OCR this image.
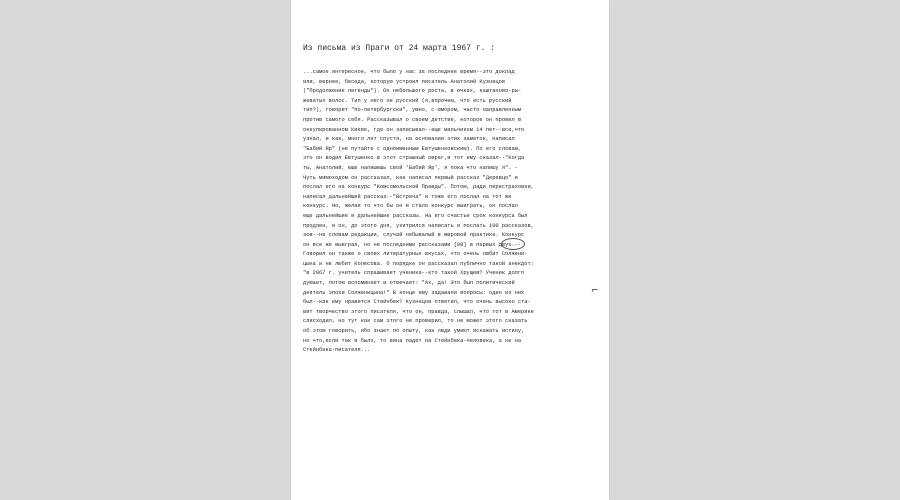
Из письма из Праги от 24 марта 1967 г. :
...самое интересное, что было у нас за последнее время--это доклад
или, вернее, беседа, которую устроил писатель Анатолий Кузнецов
("Продолжение легенды"). Он небольшого роста, в очках, каштаново-ры-
жеватых волос. Тип у него не русский (я,впрочем, что есть русский
тип?), говорит "по-петербургски", умно, с юмором, часто направленным
против самого себя. Рассказывал о своем детстве, которое он провел в
оккупированном Киеве, где он записывал--еще мальчиком 14 лет--все,что
узнал, и как, много лет спустя, на основании этих заметок, написал
"Бабий Яр" (не путайте с одноименным Евтушенковским). По его словам,
это он водил Евтушенко в этот страшный овраг,и тот ему сказал--"Когда
ты, Анатолий, еще напишешь свой 'Бабий Яр', я пока что напишу я". -
Чуть мимоходом он рассказал, как написал первый рассказ "Деревцо" и
послал его на конкурс "Комсомольской Правды". Потом, ради перестраховки,
написал дальнейший рассказ--"Встреча" и тоже его послал на тот же
конкурс. Но, желая то что бы он и стало конкурс выиграть, он послал
еще дальнейшие и дальнейшие рассказы. На его счастье срок конкурса был
продлен, и он, до этого дня, ухитрился написать и послать 100 рассказов,
зов--не словам редакции, случай небывалый в мировой практике. Конкурс
он все же выиграл, но не последними рассказами [98] в первых двух.--
Говорил он также о своих литературных вкусах, что очень любит Солжени-
цына и не любит Колесова. О порядке он рассказал публично такой анекдот:
"в 2067 г. учитель спрашивает ученика--кто такой Хрущев? Ученик долго
думает, потом вспоминает и отвечает: "Ах, да! Это был политический
деятель эпохи Солженицына!" В конце ему задавали вопросы: один из них
был--как ему нравится Стейнбек? Кузнецов ответил, что очень высоко ста-
вит творчество этого писателя, что он, правда, слышал, что тот в Америке
слисходил, но тут как сам этого не проверил, то не может этого сказать
об этом говорить, ибо знает по опыту, как люди умеют искажать истину,
но что,если так и было, то вина падет на Стейнбека-человека, а не на
Стейнбека-писателя...
⌐
